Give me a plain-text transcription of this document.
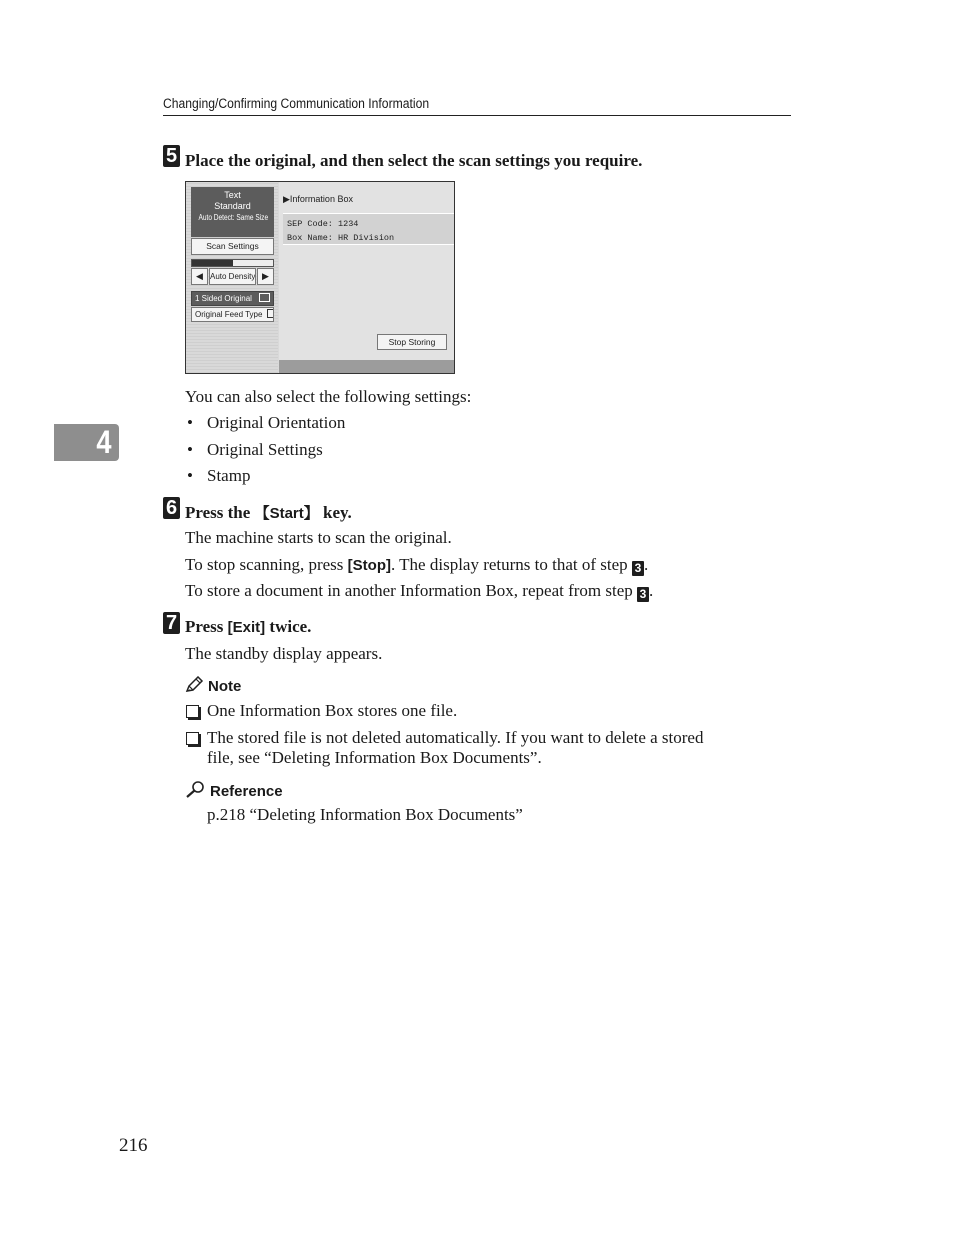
Changing/Confirming Communication Information
4
5 Place the original, and then select the scan settings you require.
Text
Standard
Auto Detect: Same Size
Scan Settings
◀ Auto Density ▶
1 Sided Original
Original Feed Type
▶Information Box
SEP Code: 1234
Box Name: HR Division
Stop Storing
You can also select the following settings:
• Original Orientation
• Original Settings
• Stamp
6 Press the 【Start】 key.
The machine starts to scan the original.
To stop scanning, press [Stop]. The display returns to that of step 3 .
To store a document in another Information Box, repeat from step 3 .
7 Press [Exit] twice.
The standby display appears.
Note
One Information Box stores one file.
The stored file is not deleted automatically. If you want to delete a stored
file, see “Deleting Information Box Documents”.
Reference
p.218 “Deleting Information Box Documents”
216
